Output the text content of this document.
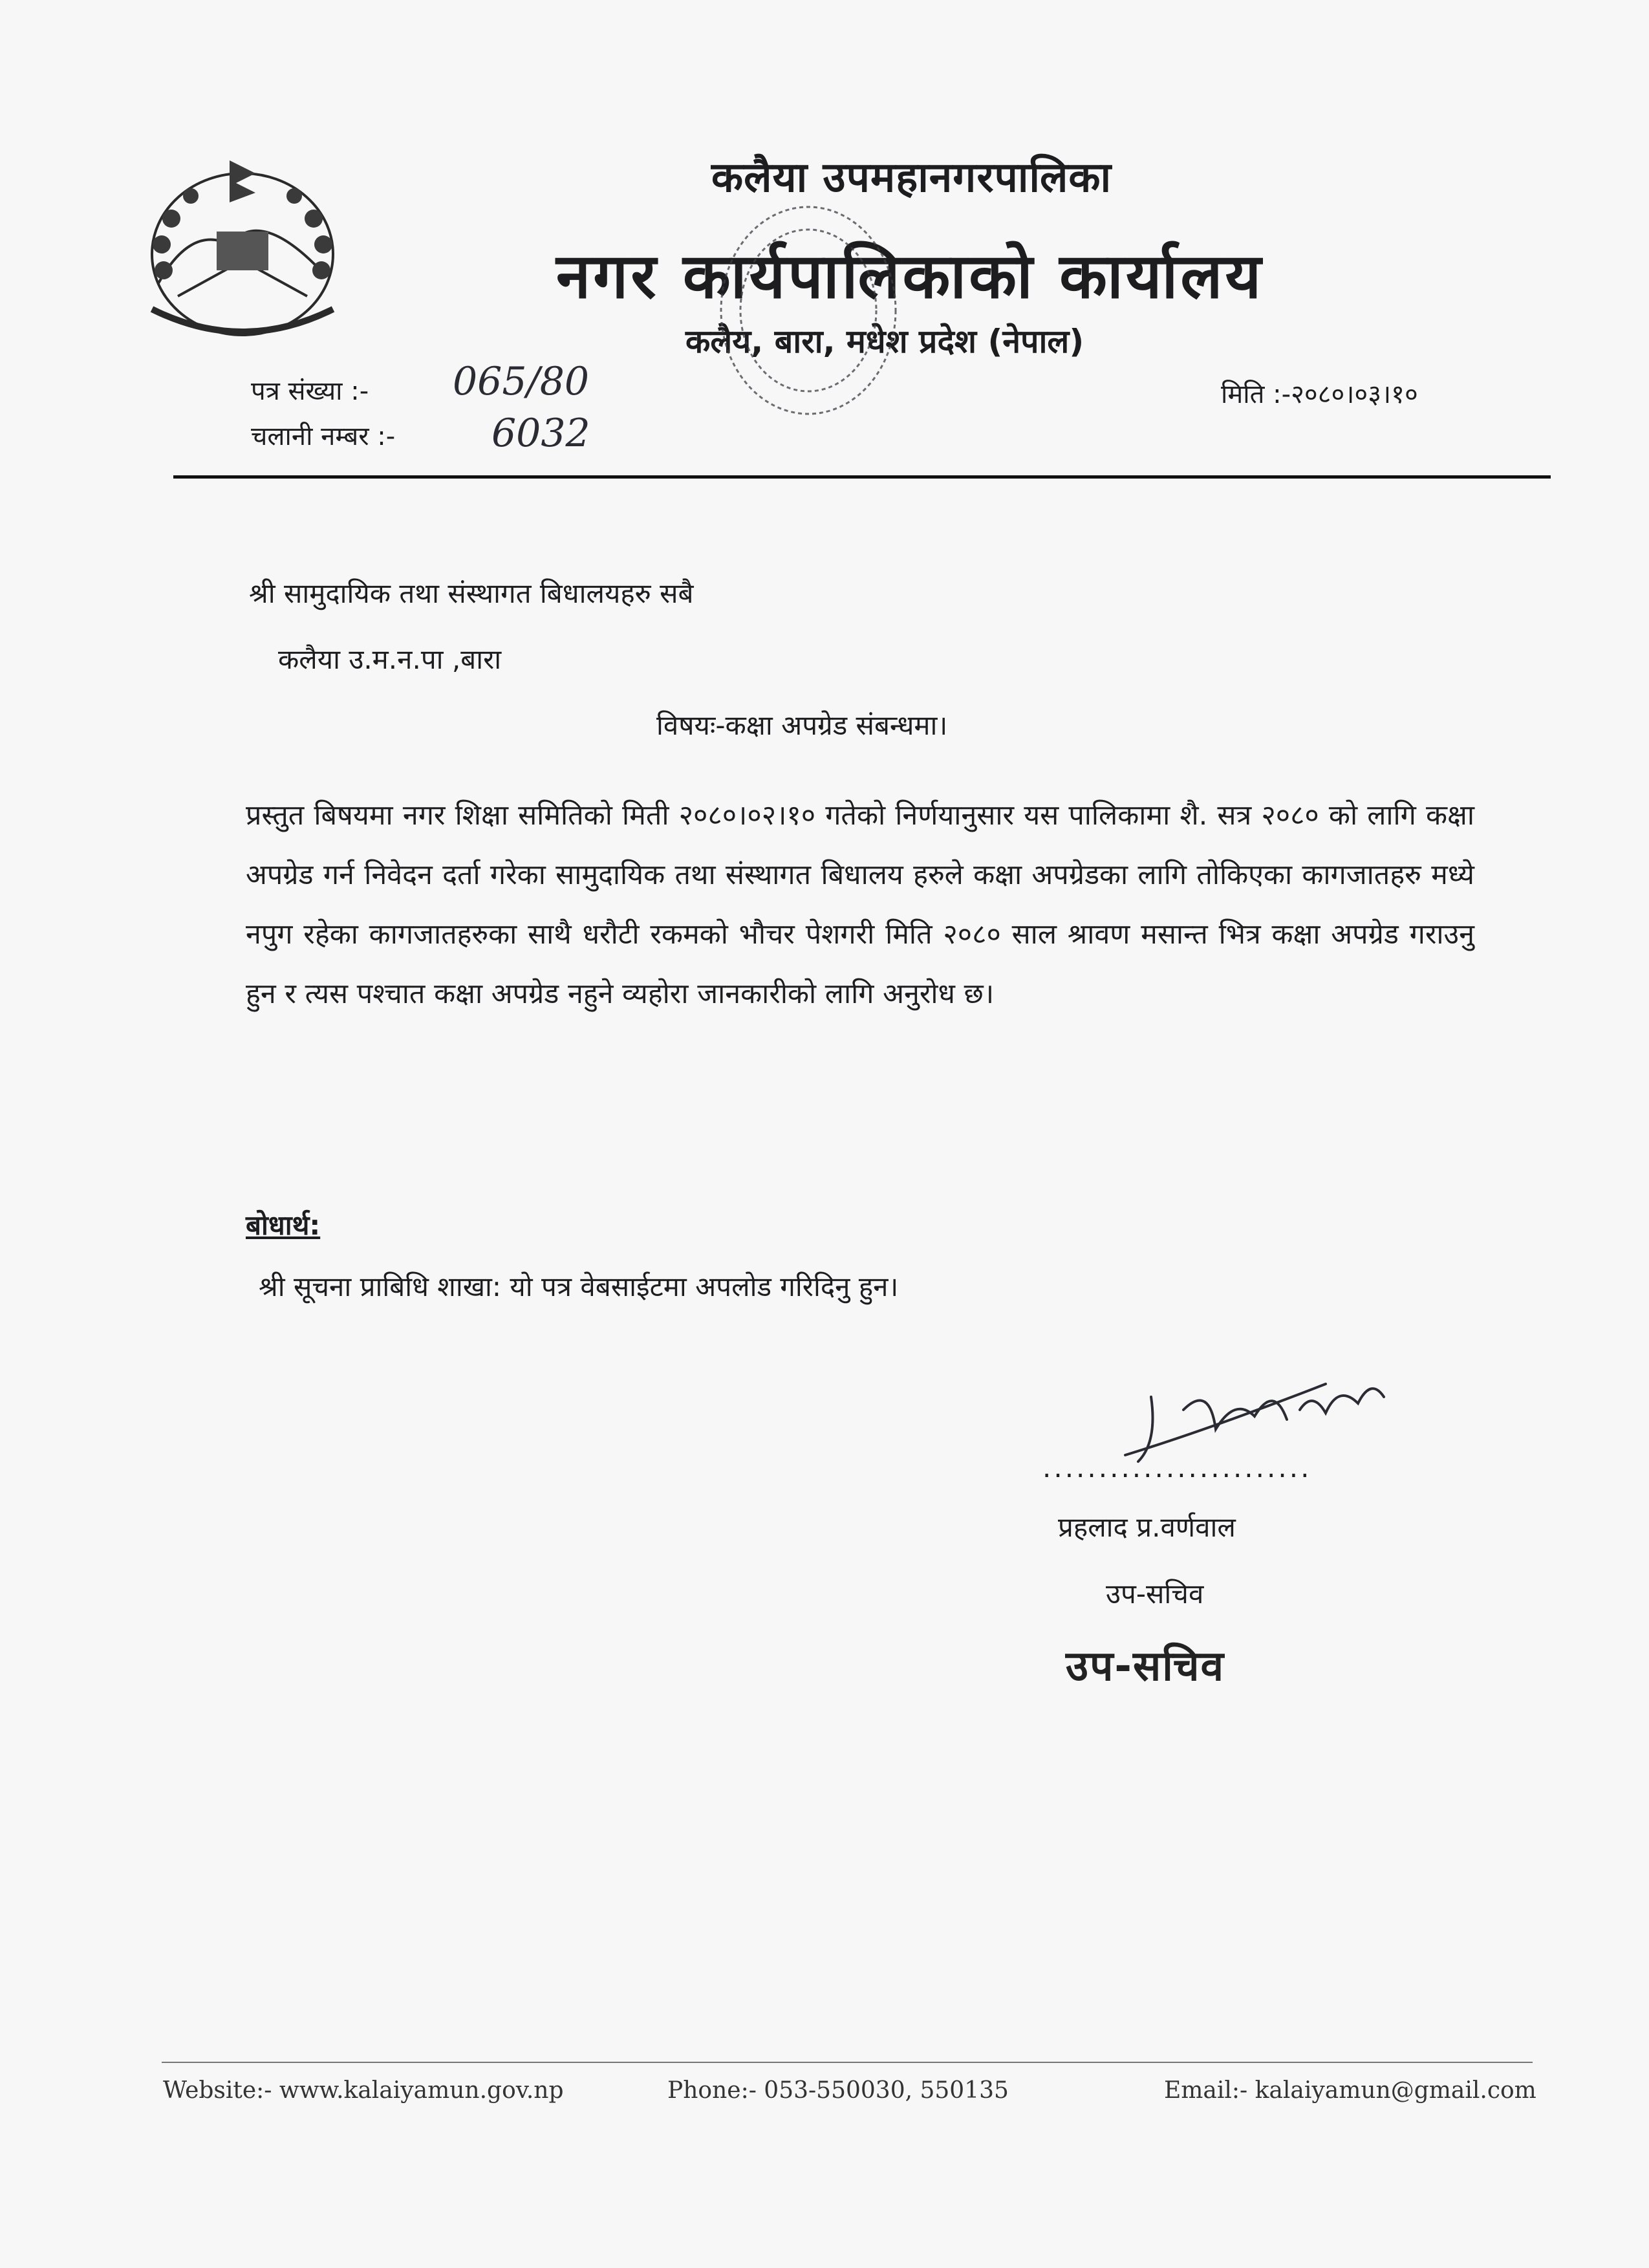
कलैया उपमहानगरपालिका
नगर कार्यपालिकाको कार्यालय
कलैय, बारा, मधेश प्रदेश (नेपाल)
पत्र संख्या :- 065/80
चलानी नम्बर :- 6032
मिति :-२०८०।०३।१०
श्री सामुदायिक तथा संस्थागत बिधालयहरु सबै
कलैया उ.म.न.पा ,बारा
विषयः-कक्षा अपग्रेड संबन्धमा।
प्रस्तुत बिषयमा नगर शिक्षा समितिको मिती २०८०।०२।१० गतेको निर्णयानुसार यस पालिकामा शै. सत्र २०८० को लागि कक्षा अपग्रेड गर्न निवेदन दर्ता गरेका सामुदायिक तथा संस्थागत बिधालय हरुले कक्षा अपग्रेडका लागि तोकिएका कागजातहरु मध्ये नपुग रहेका कागजातहरुका साथै धरौटी रकमको भौचर पेशगरी मिति २०८० साल श्रावण मसान्त भित्र कक्षा अपग्रेड गराउनु हुन र त्यस पश्चात कक्षा अपग्रेड नहुने व्यहोरा जानकारीको लागि अनुरोध छ।
बोधार्थ:
श्री सूचना प्राबिधि शाखा: यो पत्र वेबसाईटमा अपलोड गरिदिनु हुन।
........................
प्रहलाद प्र.वर्णवाल
उप-सचिव
उप-सचिव
Website:- www.kalaiyamun.gov.np	Phone:- 053-550030, 550135	Email:- kalaiyamun@gmail.com
